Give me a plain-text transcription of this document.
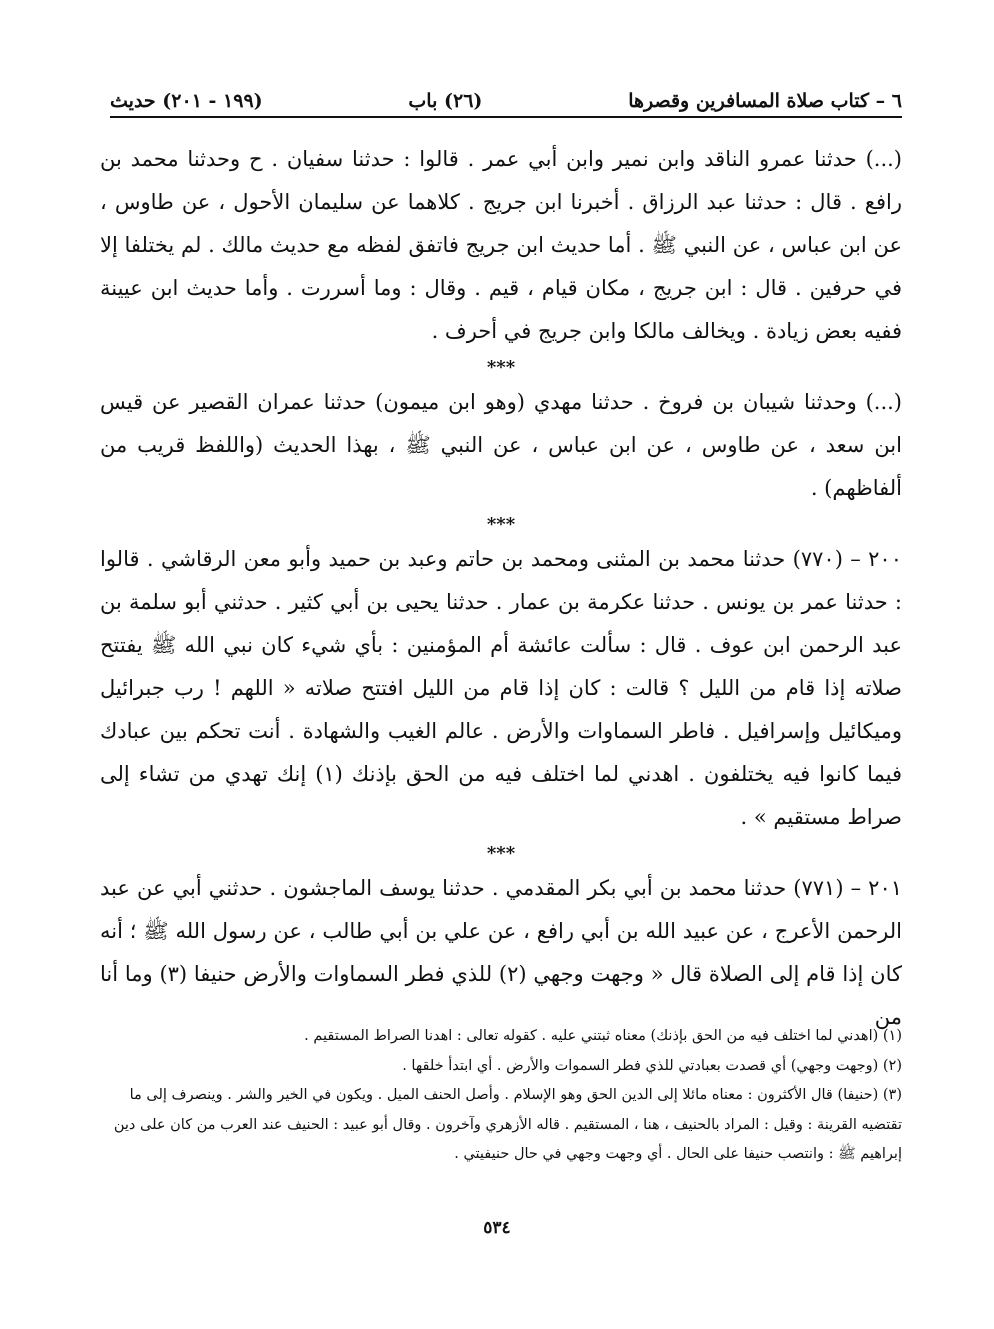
٦ – كتاب صلاة المسافرين وقصرها
(٢٦) باب
(١٩٩ - ٢٠١) حديث

(...) حدثنا عمرو الناقد وابن نمير وابن أبي عمر . قالوا : حدثنا سفيان . ح وحدثنا محمد بن رافع . قال : حدثنا عبد الرزاق . أخبرنا ابن جريج . كلاهما عن سليمان الأحول ، عن طاوس ، عن ابن عباس ، عن النبي ﷺ . أما حديث ابن جريج فاتفق لفظه مع حديث مالك . لم يختلفا إلا في حرفين . قال : ابن جريج ، مكان قيام ، قيم . وقال : وما أسررت . وأما حديث ابن عيينة ففيه بعض زيادة . ويخالف مالكا وابن جريج في أحرف .

***

(...) وحدثنا شيبان بن فروخ . حدثنا مهدي (وهو ابن ميمون) حدثنا عمران القصير عن قيس ابن سعد ، عن طاوس ، عن ابن عباس ، عن النبي ﷺ ، بهذا الحديث (واللفظ قريب من ألفاظهم) .

***

٢٠٠ – (٧٧٠) حدثنا محمد بن المثنى ومحمد بن حاتم وعبد بن حميد وأبو معن الرقاشي . قالوا : حدثنا عمر بن يونس . حدثنا عكرمة بن عمار . حدثنا يحيى بن أبي كثير . حدثني أبو سلمة بن عبد الرحمن ابن عوف . قال : سألت عائشة أم المؤمنين : بأي شيء كان نبي الله ﷺ يفتتح صلاته إذا قام من الليل ؟ قالت : كان إذا قام من الليل افتتح صلاته « اللهم ! رب جبرائيل وميكائيل وإسرافيل . فاطر السماوات والأرض . عالم الغيب والشهادة . أنت تحكم بين عبادك فيما كانوا فيه يختلفون . اهدني لما اختلف فيه من الحق بإذنك (١) إنك تهدي من تشاء إلى صراط مستقيم » .

***

٢٠١ – (٧٧١) حدثنا محمد بن أبي بكر المقدمي . حدثنا يوسف الماجشون . حدثني أبي عن عبد الرحمن الأعرج ، عن عبيد الله بن أبي رافع ، عن علي بن أبي طالب ، عن رسول الله ﷺ ؛ أنه كان إذا قام إلى الصلاة قال « وجهت وجهي (٢) للذي فطر السماوات والأرض حنيفا (٣) وما أنا من

(١) (اهدني لما اختلف فيه من الحق بإذنك) معناه ثبتني عليه . كقوله تعالى : اهدنا الصراط المستقيم .

(٢) (وجهت وجهي) أي قصدت بعبادتي للذي فطر السموات والأرض . أي ابتدأ خلقها .

(٣) (حنيفا) قال الأكثرون : معناه مائلا إلى الدين الحق وهو الإسلام . وأصل الحنف الميل . ويكون في الخير والشر . وينصرف إلى ما تقتضيه القرينة : وقيل : المراد بالحنيف ، هنا ، المستقيم . قاله الأزهري وآخرون . وقال أبو عبيد : الحنيف عند العرب من كان على دين إبراهيم ﷺ : وانتصب حنيفا على الحال . أي وجهت وجهي في حال حنيفيتي .

٥٣٤
